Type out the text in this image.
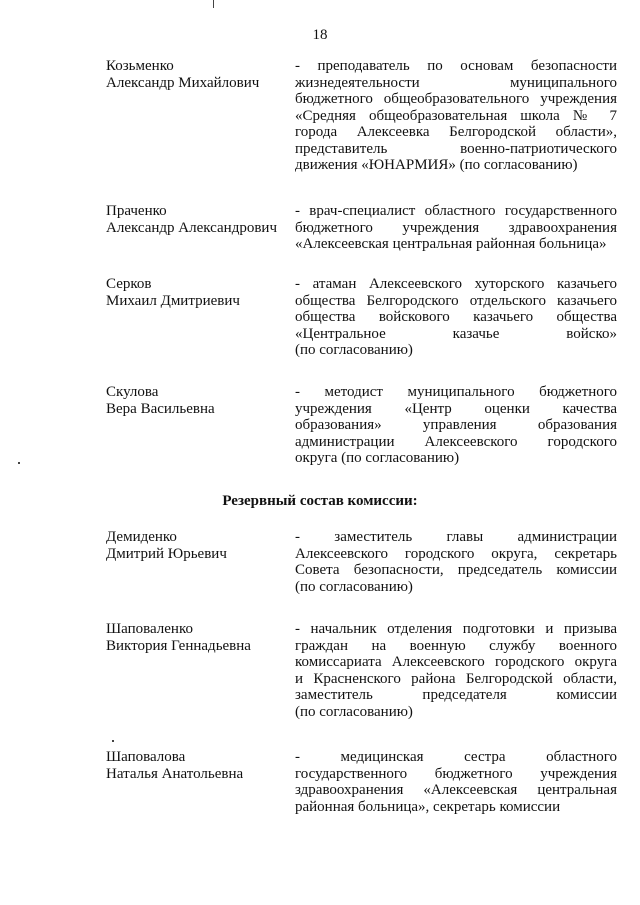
18
Козьменко
Александр Михайлович
- преподаватель по основам безопасности
жизнедеятельности муниципального
бюджетного общеобразовательного учреждения
«Средняя общеобразовательная школа № 7
города Алексеевка Белгородской области»,
представитель военно-патриотического
движения «ЮНАРМИЯ» (по согласованию)
Праченко
Александр Александрович
- врач-специалист областного государственного
бюджетного учреждения здравоохранения
«Алексеевская центральная районная больница»
Серков
Михаил Дмитриевич
- атаман Алексеевского хуторского казачьего
общества Белгородского отдельского казачьего
общества войскового казачьего общества
«Центральное казачье войско»
(по согласованию)
Скулова
Вера Васильевна
- методист муниципального бюджетного
учреждения «Центр оценки качества
образования» управления образования
администрации Алексеевского городского
округа (по согласованию)
Резервный состав комиссии:
Демиденко
Дмитрий Юрьевич
- заместитель главы администрации
Алексеевского городского округа, секретарь
Совета безопасности, председатель комиссии
(по согласованию)
Шаповаленко
Виктория Геннадьевна
- начальник отделения подготовки и призыва
граждан на военную службу военного
комиссариата Алексеевского городского округа
и Красненского района Белгородской области,
заместитель председателя комиссии
(по согласованию)
Шаповалова
Наталья Анатольевна
- медицинская сестра областного
государственного бюджетного учреждения
здравоохранения «Алексеевская центральная
районная больница», секретарь комиссии
